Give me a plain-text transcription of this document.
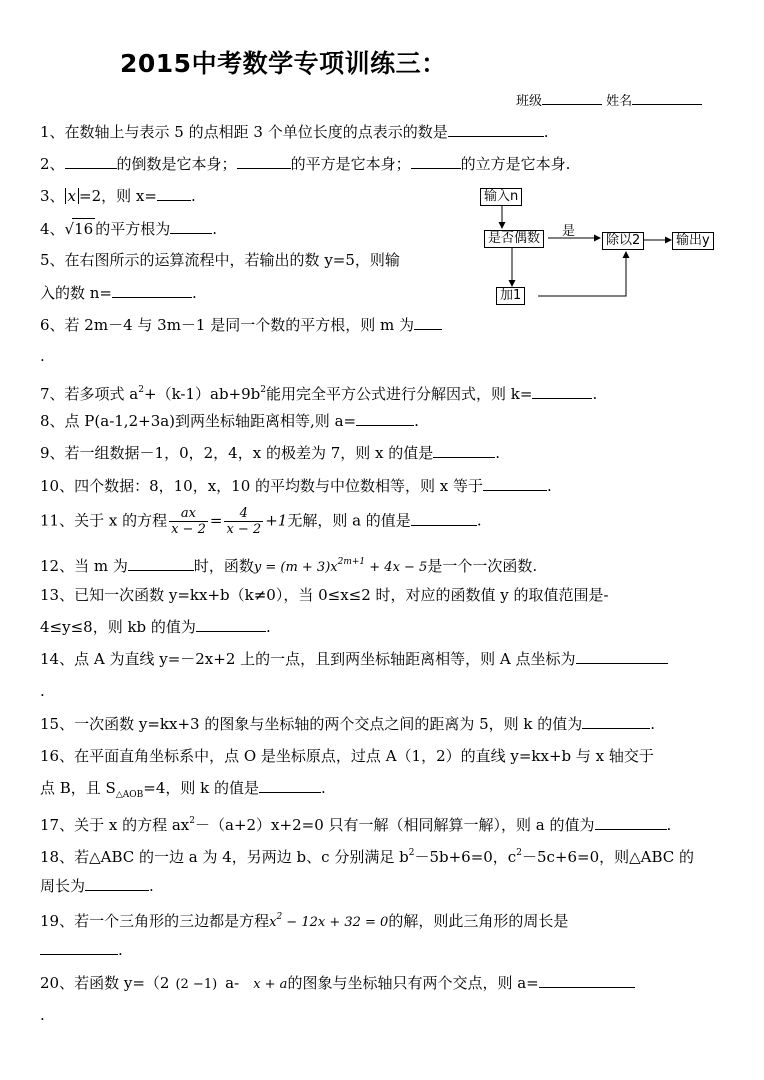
2015中考数学专项训练三：
班级	姓名
输入n
是否偶数	是
除以2	输出y
加1
1、在数轴上与表示 5 的点相距 3 个单位长度的点表示的数是	.
2、	的倒数是它本身；	的平方是它本身；	的立方是它本身.
3、 x =2，则 x= .
4、√16 的平方根为	.
5、在右图所示的运算流程中，若输出的数 y=5，则输
入的数 n=	.
6、若 2m－4 与 3m－1 是同一个数的平方根，则 m 为
.
7、若多项式 $a^2+(k-1)ab+9b^2$能用完全平方公式进行分解因式，则 k=	.
8、点 P(a-1,2+3a)到两坐标轴距离相等,则 a=	.
9、若一组数据－1，0，2，4，x 的极差为 7，则 x 的值是	.
10、四个数据：8，10，x，10 的平均数与中位数相等，则 x 等于	.
11、关于 x 的方程 $\frac{ax}{x - 2} = \frac{4}{x - 2} +1$无解，则 a 的值是	.
12、当 m 为	时，函数$y = (m + 3)x^{2m+1} + 4x - 5$是一个一次函数.
13、已知一次函数 y=kx+b（k≠0），当 0≤x≤2 时，对应的函数值 y 的取值范围是-
4≤y≤8，则 kb 的值为	.
14、点 A 为直线 y=－2x+2 上的一点，且到两坐标轴距离相等，则 A 点坐标为
.
15、一次函数 y=kx+3 的图象与坐标轴的两个交点之间的距离为 5，则 k 的值为	.
16、在平面直角坐标系中，点 O 是坐标原点，过点 A（1，2）的直线 y=kx+b 与 x 轴交于
点 B，且 $S_{\triangle AOB}=4$，则 k 的值是	.
17、关于 x 的方程 $ax^2-(a+2)x+2=0$ 只有一解（相同解算一解），则 a 的值为	.
18、若△ABC 的一边 a 为 4，另两边 b、c 分别满足 $b^2-5b+6=0$，$c^2-5c+6=0$，则△ABC 的
周长为	.
19、若一个三角形的三边都是方程$x^2 - 12x + 32 = 0$的解，则此三角形的周长是
.
20、若函数 y=（2 (2 −1) a- x + a的图象与坐标轴只有两个交点，则 a=
.
